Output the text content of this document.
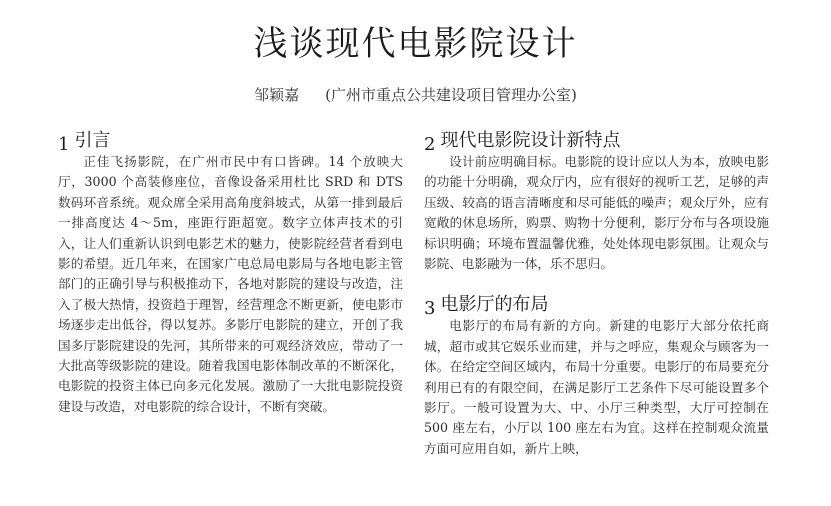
浅谈现代电影院设计
邹颖嘉 (广州市重点公共建设项目管理办公室)
1 引言

正佳飞扬影院，在广州市民中有口皆碑。14 个放映大厅，3000 个高装修座位，音像设备采用杜比 SRD 和 DTS 数码环音系统。观众席全采用高角度斜坡式，从第一排到最后一排高度达 4～5m，座距行距超宽。数字立体声技术的引入，让人们重新认识到电影艺术的魅力，使影院经营者看到电影的希望。近几年来，在国家广电总局电影局与各地电影主管部门的正确引导与积极推动下，各地对影院的建设与改造，注入了极大热情，投资趋于理智，经营理念不断更新，使电影市场逐步走出低谷，得以复苏。多影厅电影院的建立，开创了我国多厅影院建设的先河，其所带来的可观经济效应，带动了一大批高等级影院的建设。随着我国电影体制改革的不断深化，电影院的投资主体已向多元化发展。激励了一大批电影院投资建设与改造，对电影院的综合设计，不断有突破。

2 现代电影院设计新特点

设计前应明确目标。电影院的设计应以人为本，放映电影的功能十分明确，观众厅内，应有很好的视听工艺，足够的声压级、较高的语言清晰度和尽可能低的噪声；观众厅外，应有宽敞的休息场所，购票、购物十分便利，影厅分布与各项设施标识明确；环境布置温馨优雅，处处体现电影氛围。让观众与影院、电影融为一体，乐不思归。

3 电影厅的布局

电影厅的布局有新的方向。新建的电影厅大部分依托商城，超市或其它娱乐业而建，并与之呼应，集观众与顾客为一体。在给定空间区域内，布局十分重要。电影厅的布局要充分利用已有的有限空间，在满足影厅工艺条件下尽可能设置多个影厅。一般可设置为大、中、小厅三种类型，大厅可控制在 500 座左右，小厅以 100 座左右为宜。这样在控制观众流量方面可应用自如，新片上映，
